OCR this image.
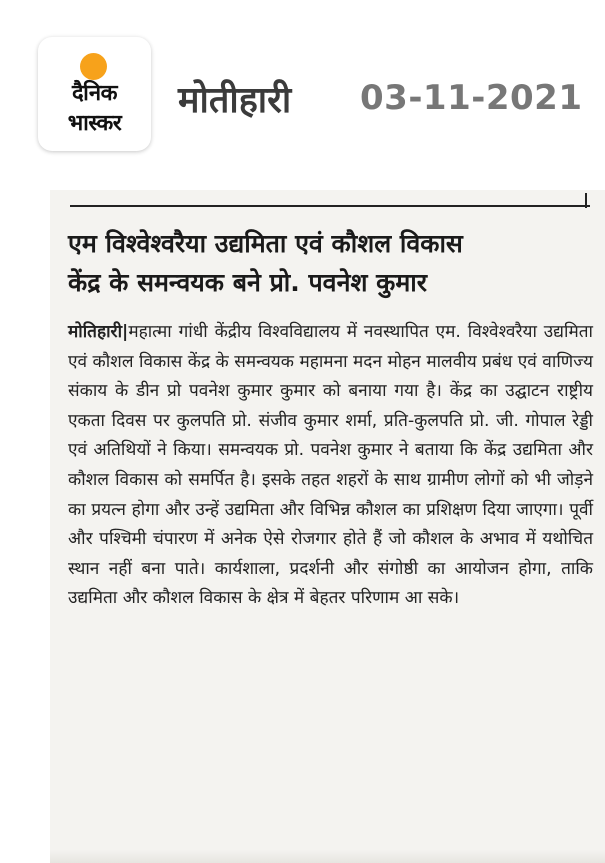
दैनिक
भास्कर
मोतीहारी 03-11-2021
एम विश्वेश्वरैया उद्यमिता एवं कौशल विकास
केंद्र के समन्वयक बने प्रो. पवनेश कुमार
मोतिहारी|महात्मा गांधी केंद्रीय विश्वविद्यालय में नवस्थापित एम. विश्वेश्वरैया उद्यमिता एवं कौशल विकास केंद्र के समन्वयक महामना मदन मोहन मालवीय प्रबंध एवं वाणिज्य संकाय के डीन प्रो पवनेश कुमार कुमार को बनाया गया है। केंद्र का उद्घाटन राष्ट्रीय एकता दिवस पर कुलपति प्रो. संजीव कुमार शर्मा, प्रति-कुलपति प्रो. जी. गोपाल रेड्डी एवं अतिथियों ने किया। समन्वयक प्रो. पवनेश कुमार ने बताया कि केंद्र उद्यमिता और कौशल विकास को समर्पित है। इसके तहत शहरों के साथ ग्रामीण लोगों को भी जोड़ने का प्रयत्न होगा और उन्हें उद्यमिता और विभिन्न कौशल का प्रशिक्षण दिया जाएगा। पूर्वी और पश्चिमी चंपारण में अनेक ऐसे रोजगार होते हैं जो कौशल के अभाव में यथोचित स्थान नहीं बना पाते। कार्यशाला, प्रदर्शनी और संगोष्ठी का आयोजन होगा, ताकि उद्यमिता और कौशल विकास के क्षेत्र में बेहतर परिणाम आ सके।
